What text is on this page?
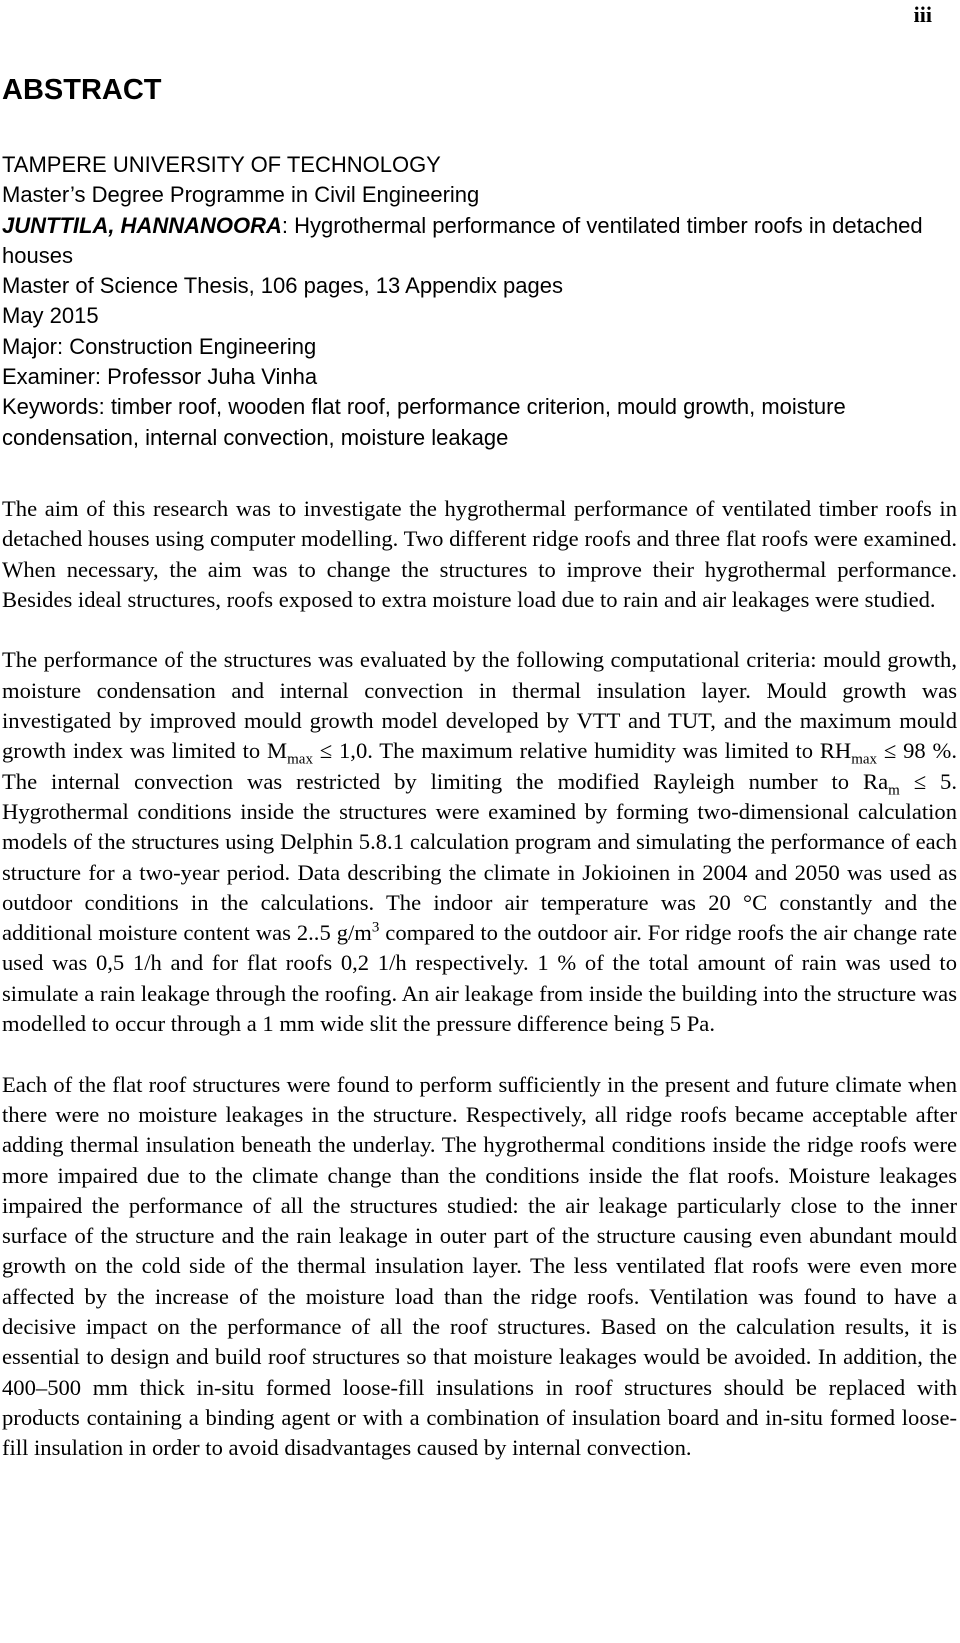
iii
ABSTRACT
TAMPERE UNIVERSITY OF TECHNOLOGY
Master’s Degree Programme in Civil Engineering
JUNTTILA, HANNANOORA: Hygrothermal performance of ventilated timber roofs in detached houses
Master of Science Thesis, 106 pages, 13 Appendix pages
May 2015
Major: Construction Engineering
Examiner: Professor Juha Vinha
Keywords: timber roof, wooden flat roof, performance criterion, mould growth, moisture condensation, internal convection, moisture leakage

The aim of this research was to investigate the hygrothermal performance of ventilated timber roofs in detached houses using computer modelling. Two different ridge roofs and three flat roofs were examined. When necessary, the aim was to change the structures to improve their hygrothermal performance. Besides ideal structures, roofs exposed to extra moisture load due to rain and air leakages were studied.

The performance of the structures was evaluated by the following computational criteria: mould growth, moisture condensation and internal convection in thermal insulation layer. Mould growth was investigated by improved mould growth model developed by VTT and TUT, and the maximum mould growth index was limited to $M_{max} \le 1,0$. The maximum relative humidity was limited to $RH_{max} \le 98$ %. The internal convection was restricted by limiting the modified Rayleigh number to $Ra_m \le 5$. Hygrothermal conditions inside the structures were examined by forming two-dimensional calculation models of the structures using Delphin 5.8.1 calculation program and simulating the performance of each structure for a two-year period. Data describing the climate in Jokioinen in 2004 and 2050 was used as outdoor conditions in the calculations. The indoor air temperature was 20 °C constantly and the additional moisture content was 2..5 $g/m^3$ compared to the outdoor air. For ridge roofs the air change rate used was 0,5 1/h and for flat roofs 0,2 1/h respectively. 1 % of the total amount of rain was used to simulate a rain leakage through the roofing. An air leakage from inside the building into the structure was modelled to occur through a 1 mm wide slit the pressure difference being 5 Pa.

Each of the flat roof structures were found to perform sufficiently in the present and future climate when there were no moisture leakages in the structure. Respectively, all ridge roofs became acceptable after adding thermal insulation beneath the underlay. The hygrothermal conditions inside the ridge roofs were more impaired due to the climate change than the conditions inside the flat roofs. Moisture leakages impaired the performance of all the structures studied: the air leakage particularly close to the inner surface of the structure and the rain leakage in outer part of the structure causing even abundant mould growth on the cold side of the thermal insulation layer. The less ventilated flat roofs were even more affected by the increase of the moisture load than the ridge roofs. Ventilation was found to have a decisive impact on the performance of all the roof structures. Based on the calculation results, it is essential to design and build roof structures so that moisture leakages would be avoided. In addition, the 400–500 mm thick in-situ formed loose-fill insulations in roof structures should be replaced with products containing a binding agent or with a combination of insulation board and in-situ formed loose-fill insulation in order to avoid disadvantages caused by internal convection.
